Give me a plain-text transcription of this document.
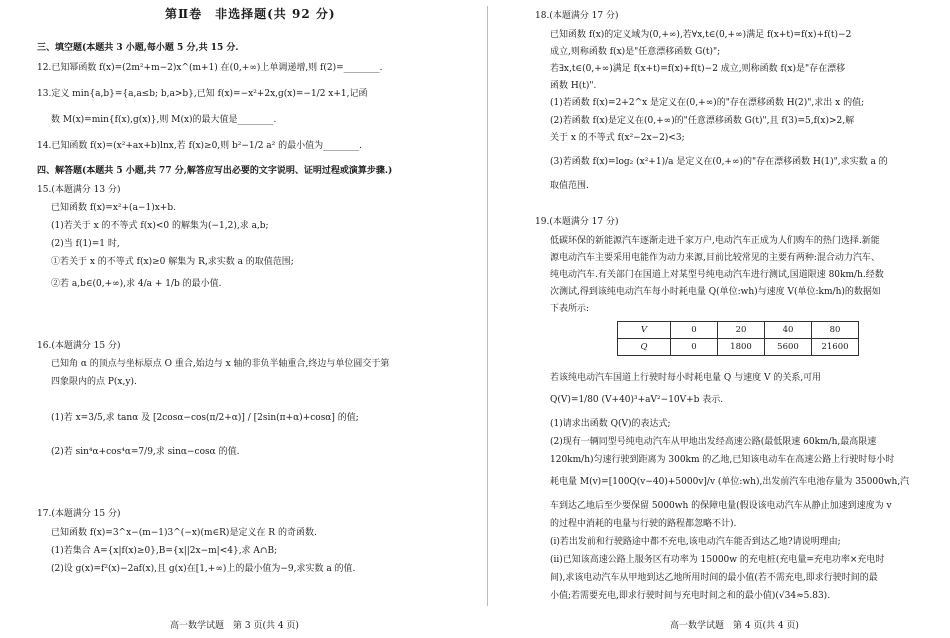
第Ⅱ卷　非选择题(共 92 分)
三、填空题(本题共 3 小题,每小题 5 分,共 15 分.
12.已知幂函数 f(x)=(2m²+m−2)x^(m+1) 在(0,+∞)上单调递增,则 f(2)=________.
13.定义 min{a,b}={a,a≤b; b,a>b},已知 f(x)=−x²+2x,g(x)=−1/2 x+1,记函
数 M(x)=min{f(x),g(x)},则 M(x)的最大值是________.
14.已知函数 f(x)=(x²+ax+b)lnx,若 f(x)≥0,则 b²−1/2 a² 的最小值为________.
四、解答题(本题共 5 小题,共 77 分,解答应写出必要的文字说明、证明过程或演算步骤.)
15.(本题满分 13 分)
已知函数 f(x)=x²+(a−1)x+b.
(1)若关于 x 的不等式 f(x)<0 的解集为(−1,2),求 a,b;
(2)当 f(1)=1 时,
①若关于 x 的不等式 f(x)≥0 解集为 R,求实数 a 的取值范围;
②若 a,b∈(0,+∞),求 4/a + 1/b 的最小值.
16.(本题满分 15 分)
已知角 α 的顶点与坐标原点 O 重合,始边与 x 轴的非负半轴重合,终边与单位圆交于第
四象限内的点 P(x,y).
(1)若 x=3/5,求 tanα 及 [2cosα−cos(π/2+α)] / [2sin(π+α)+cosα] 的值;
(2)若 sin⁴α+cos⁴α=7/9,求 sinα−cosα 的值.
17.(本题满分 15 分)
已知函数 f(x)=3^x−(m−1)3^(−x)(m∈R)是定义在 R 的奇函数.
(1)若集合 A={x|f(x)≥0},B={x||2x−m|<4},求 A∩B;
(2)设 g(x)=f²(x)−2af(x),且 g(x)在[1,+∞)上的最小值为−9,求实数 a 的值.
高一数学试题　第 3 页(共 4 页)
18.(本题满分 17 分)
已知函数 f(x)的定义域为(0,+∞),若∀x,t∈(0,+∞)满足 f(x+t)=f(x)+f(t)−2
成立,则称函数 f(x)是"任意漂移函数 G(t)";
若∃x,t∈(0,+∞)满足 f(x+t)=f(x)+f(t)−2 成立,则称函数 f(x)是"存在漂移
函数 H(t)".
(1)若函数 f(x)=2+2^x 是定义在(0,+∞)的"存在漂移函数 H(2)",求出 x 的值;
(2)若函数 f(x)是定义在(0,+∞)的"任意漂移函数 G(t)",且 f(3)=5,f(x)>2,解
关于 x 的不等式 f(x²−2x−2)<3;
(3)若函数 f(x)=log₂ (x²+1)/a 是定义在(0,+∞)的"存在漂移函数 H(1)",求实数 a 的
取值范围.
19.(本题满分 17 分)
低碳环保的新能源汽车逐渐走进千家万户,电动汽车正成为人们购车的热门选择.新能
源电动汽车主要采用电能作为动力来源,目前比较常见的主要有两种:混合动力汽车、
纯电动汽车.有关部门在国道上对某型号纯电动汽车进行测试,国道限速 80km/h.经数
次测试,得到该纯电动汽车每小时耗电量 Q(单位:wh)与速度 V(单位:km/h)的数据如
下表所示:
V	0	20	40	80
Q	0	1800	5600	21600
若该纯电动汽车国道上行驶时每小时耗电量 Q 与速度 V 的关系,可用
Q(V)=1/80 (V+40)³+aV²−10V+b 表示.
(1)请求出函数 Q(V)的表达式;
(2)现有一辆同型号纯电动汽车从甲地出发经高速公路(最低限速 60km/h,最高限速
120km/h)匀速行驶到距离为 300km 的乙地,已知该电动车在高速公路上行驶时每小时
耗电量 M(v)=[100Q(v−40)+5000v]/v (单位:wh),出发前汽车电池存量为 35000wh,汽
车到达乙地后至少要保留 5000wh 的保障电量(假设该电动汽车从静止加速到速度为 v
的过程中消耗的电量与行驶的路程都忽略不计).
(ⅰ)若出发前和行驶路途中都不充电,该电动汽车能否到达乙地?请说明理由;
(ⅱ)已知该高速公路上服务区有功率为 15000w 的充电桩(充电量=充电功率×充电时
间),求该电动汽车从甲地到达乙地所用时间的最小值(若不需充电,即求行驶时间的最
小值;若需要充电,即求行驶时间与充电时间之和的最小值)(√34≈5.83).
高一数学试题　第 4 页(共 4 页)
